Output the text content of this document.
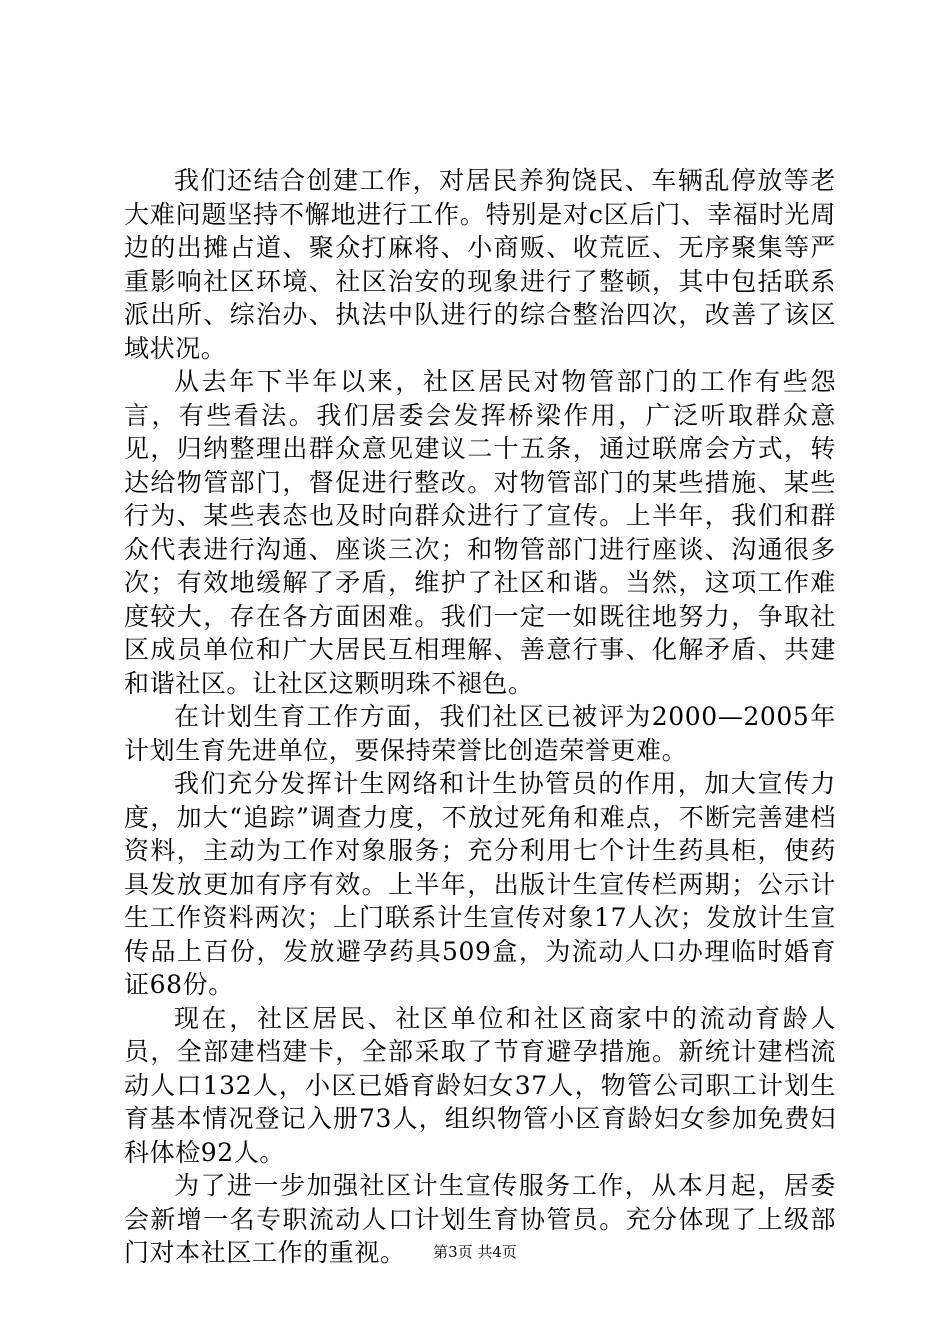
我们还结合创建工作，对居民养狗饶民、车辆乱停放等老大难问题坚持不懈地进行工作。特别是对c区后门、幸福时光周边的出摊占道、聚众打麻将、小商贩、收荒匠、无序聚集等严重影响社区环境、社区治安的现象进行了整顿，其中包括联系派出所、综治办、执法中队进行的综合整治四次，改善了该区域状况。

从去年下半年以来，社区居民对物管部门的工作有些怨言，有些看法。我们居委会发挥桥梁作用，广泛听取群众意见，归纳整理出群众意见建议二十五条，通过联席会方式，转达给物管部门，督促进行整改。对物管部门的某些措施、某些行为、某些表态也及时向群众进行了宣传。上半年，我们和群众代表进行沟通、座谈三次；和物管部门进行座谈、沟通很多次；有效地缓解了矛盾，维护了社区和谐。当然，这项工作难度较大，存在各方面困难。我们一定一如既往地努力，争取社区成员单位和广大居民互相理解、善意行事、化解矛盾、共建和谐社区。让社区这颗明珠不褪色。

在计划生育工作方面，我们社区已被评为2000—2005年计划生育先进单位，要保持荣誉比创造荣誉更难。

我们充分发挥计生网络和计生协管员的作用，加大宣传力度，加大“追踪”调查力度，不放过死角和难点，不断完善建档资料，主动为工作对象服务；充分利用七个计生药具柜，使药具发放更加有序有效。上半年，出版计生宣传栏两期；公示计生工作资料两次；上门联系计生宣传对象17人次；发放计生宣传品上百份，发放避孕药具509盒，为流动人口办理临时婚育证68份。

现在，社区居民、社区单位和社区商家中的流动育龄人员，全部建档建卡，全部采取了节育避孕措施。新统计建档流动人口132人，小区已婚育龄妇女37人，物管公司职工计划生育基本情况登记入册73人，组织物管小区育龄妇女参加免费妇科体检92人。

为了进一步加强社区计生宣传服务工作，从本月起，居委会新增一名专职流动人口计划生育协管员。充分体现了上级部门对本社区工作的重视。	第3页 共4页
